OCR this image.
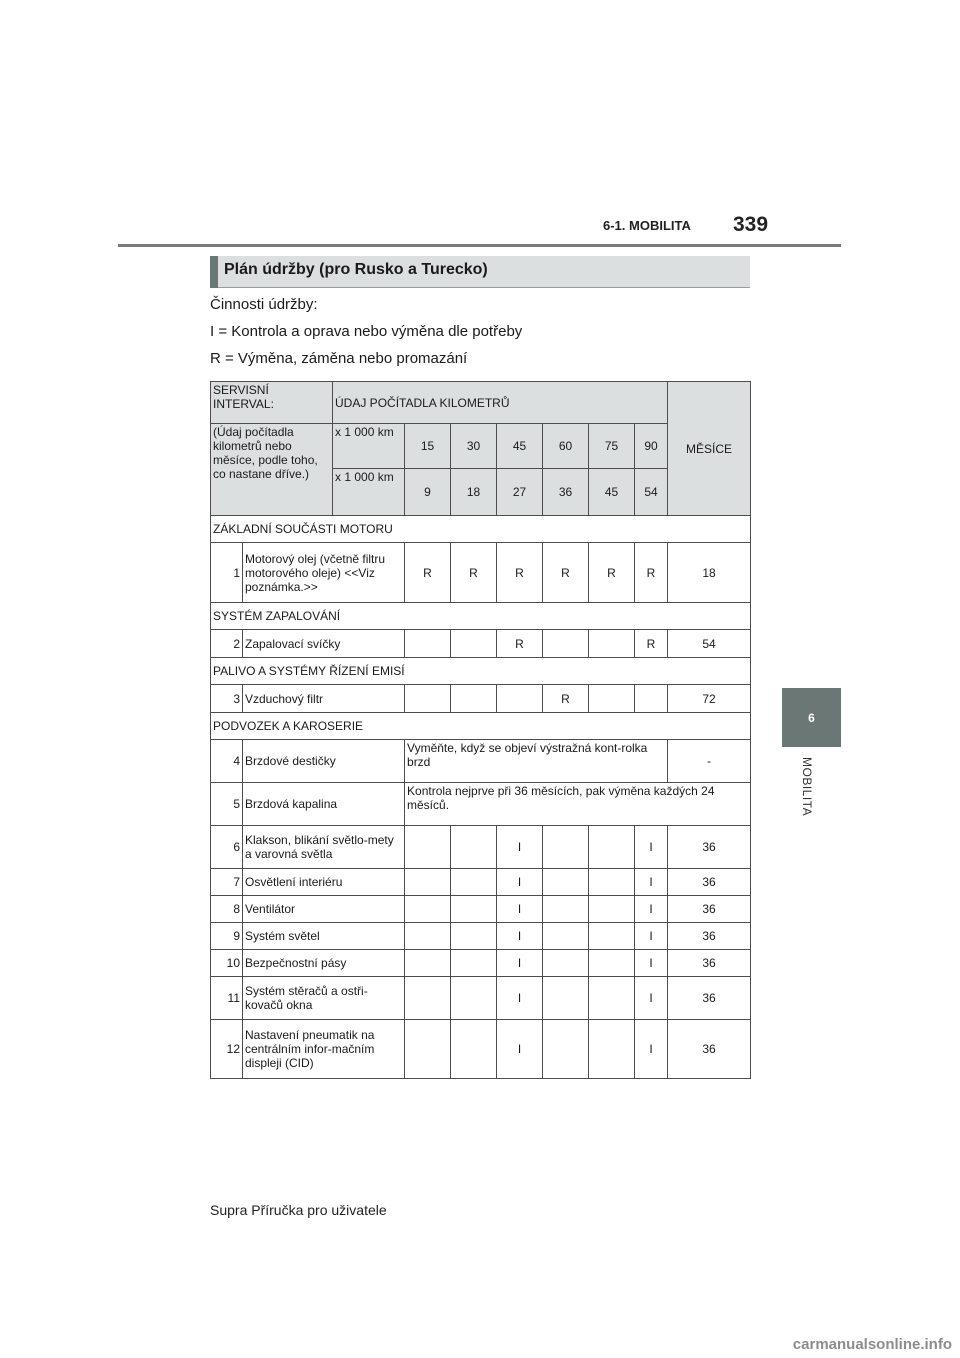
6-1. MOBILITA 339
6
MOBILITA
Plán údržby (pro Rusko a Turecko)
Činnosti údržby:
I = Kontrola a oprava nebo výměna dle potřeby
R = Výměna, záměna nebo promazání
SERVISNÍ INTERVAL:		ÚDAJ POČÍTADLA KILOMETRŮ							MĚSÍCE
(Údaj počítadla kilometrů nebo měsíce, podle toho, co nastane dříve.)		x 1 000 km	15	30	45	60	75	90	
		x 1 000 km	9	18	27	36	45	54	
ZÁKLADNÍ SOUČÁSTI MOTORU									
1	Motorový olej (včetně filtru motorového oleje) <<Viz poznámka.>>		R	R	R	R	R	R	18
SYSTÉM ZAPALOVÁNÍ									
2	Zapalovací svíčky				R			R	54
PALIVO A SYSTÉMY ŘÍZENÍ EMISÍ									
3	Vzduchový filtr					R			72
PODVOZEK A KAROSERIE									
4	Brzdové destičky		Vyměňte, když se objeví výstražná kont-rolka brzd						-
5	Brzdová kapalina		Kontrola nejprve při 36 měsících, pak výměna každých 24 měsíců.						
6	Klakson, blikání světlo-mety a varovná světla				I			I	36
7	Osvětlení interiéru				I			I	36
8	Ventilátor				I			I	36
9	Systém světel				I			I	36
10	Bezpečnostní pásy				I			I	36
11	Systém stěračů a ostři-kovačů okna				I			I	36
12	Nastavení pneumatik na centrálním infor-mačním displeji (CID)				I			I	36
Supra Příručka pro uživatele
carmanualsonline.info
